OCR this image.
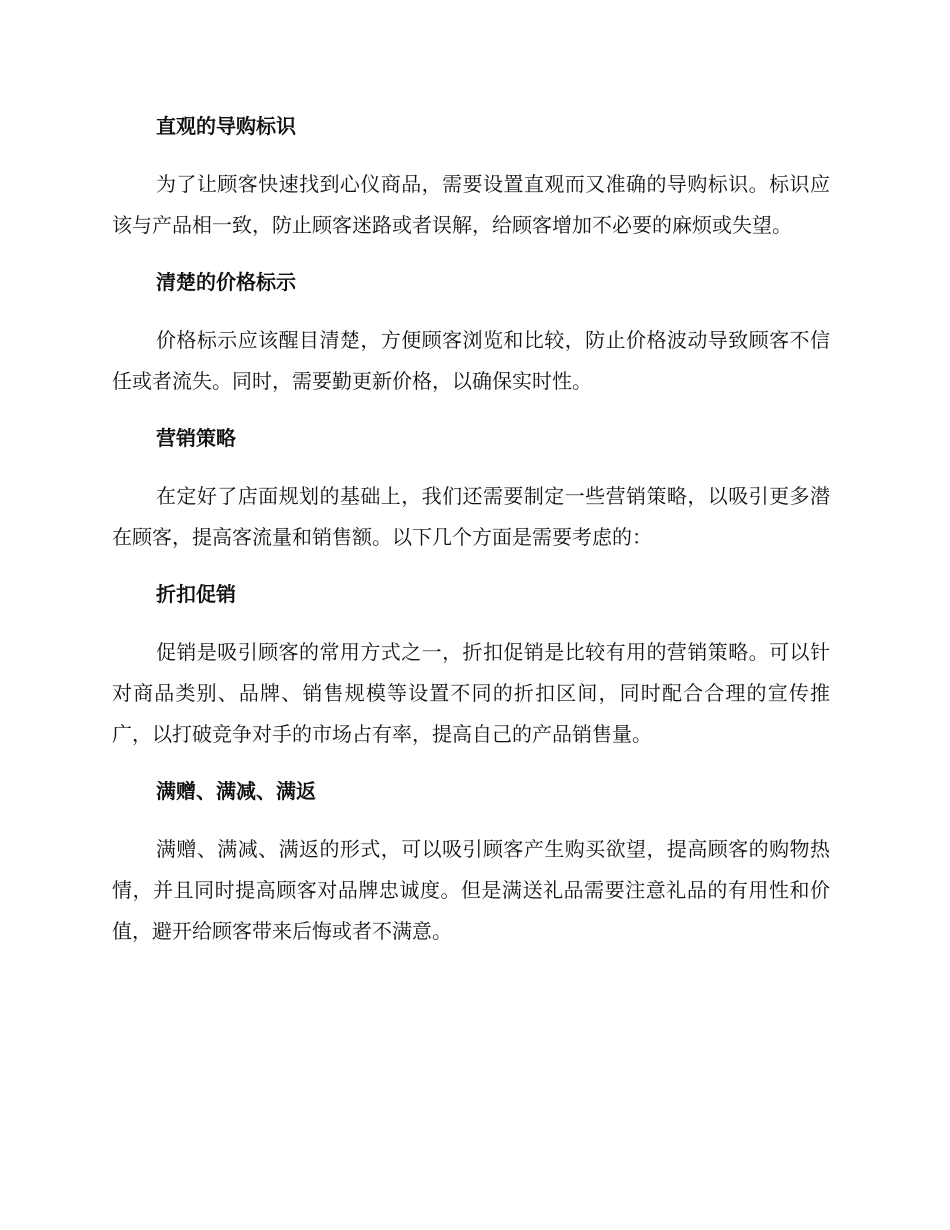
直观的导购标识

为了让顾客快速找到心仪商品，需要设置直观而又准确的导购标识。标识应该与产品相一致，防止顾客迷路或者误解，给顾客增加不必要的麻烦或失望。

清楚的价格标示

价格标示应该醒目清楚，方便顾客浏览和比较，防止价格波动导致顾客不信任或者流失。同时，需要勤更新价格，以确保实时性。

营销策略

在定好了店面规划的基础上，我们还需要制定一些营销策略，以吸引更多潜在顾客，提高客流量和销售额。以下几个方面是需要考虑的：

折扣促销

促销是吸引顾客的常用方式之一，折扣促销是比较有用的营销策略。可以针对商品类别、品牌、销售规模等设置不同的折扣区间，同时配合合理的宣传推广，以打破竞争对手的市场占有率，提高自己的产品销售量。

满赠、满减、满返

满赠、满减、满返的形式，可以吸引顾客产生购买欲望，提高顾客的购物热情，并且同时提高顾客对品牌忠诚度。但是满送礼品需要注意礼品的有用性和价值，避开给顾客带来后悔或者不满意。
